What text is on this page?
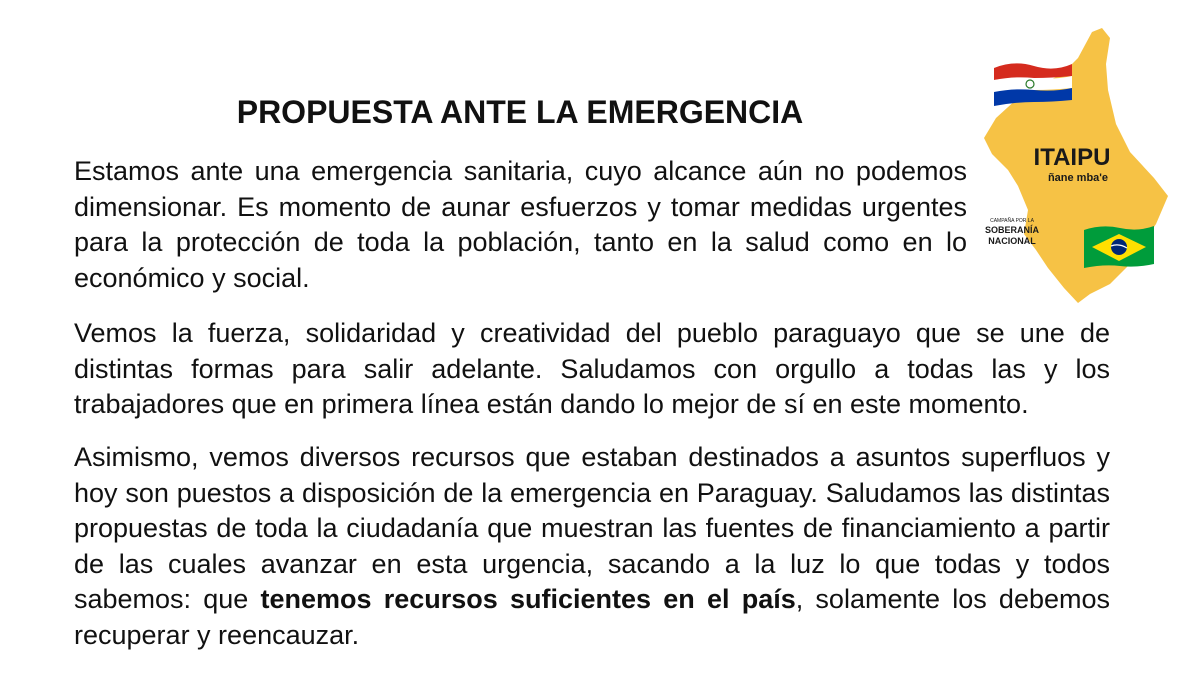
PROPUESTA ANTE LA EMERGENCIA

Estamos ante una emergencia sanitaria, cuyo alcance aún no podemos dimensionar. Es momento de aunar esfuerzos y tomar medidas urgentes para la protección de toda la población, tanto en la salud como en lo económico y social.

Vemos la fuerza, solidaridad y creatividad del pueblo paraguayo que se une de distintas formas para salir adelante. Saludamos con orgullo a todas las y los trabajadores que en primera línea están dando lo mejor de sí en este momento.

Asimismo, vemos diversos recursos que estaban destinados a asuntos superfluos y hoy son puestos a disposición de la emergencia en Paraguay. Saludamos las distintas propuestas de toda la ciudadanía que muestran las fuentes de financiamiento a partir de las cuales avanzar en esta urgencia, sacando a la luz lo que todas y todos sabemos: que tenemos recursos suficientes en el país, solamente los debemos recuperar y reencauzar.

ITAIPU
ñane mba'e
CAMPAÑA POR LA
SOBERANÍA
NACIONAL
